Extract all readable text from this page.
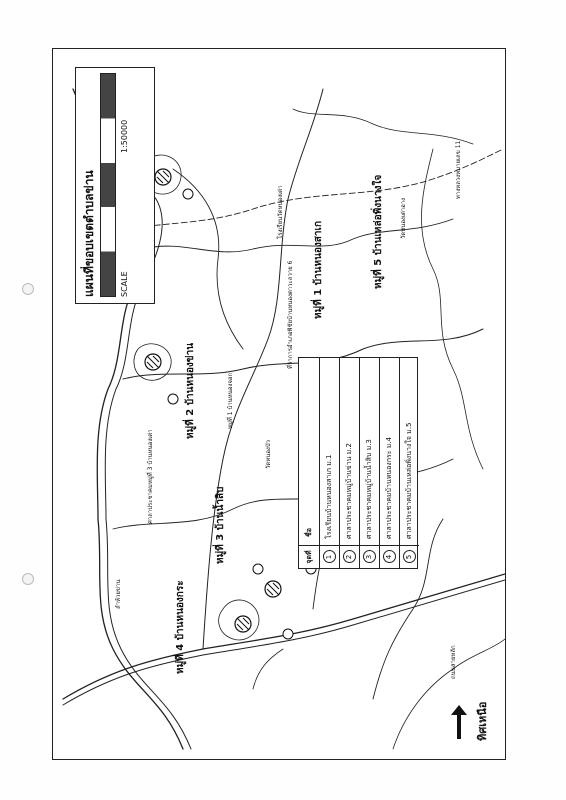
แผนที่ขอบเขตตำบลข่าน	SCALE
1:50000
หมู่ที่ 5 บ้านเหล่อพิ่งนางใจ
หมู่ที่ 1 บ้านหนองสาเก
หมู่ที่ 2 บ้านหนองข่าน
หมู่ที่ 3 บ้านน้ำสิบ
หมู่ที่ 4 บ้านหนองกระ
วัดหนองเต่าอาง
โรงเรียนวัดหนองเต่า
ที่ว่าการอำเภอพิชัยบ้านหนองตาวะลวาย 6
หมู่ที่ 1 บ้านหนองจอก
ศาลาประชาคมหมู่ที่ 3 บ้านหนองเต่า	วัดหนองบัว
ลำห้วยข่าน
ทางหลวงหมายเลข 11
ถนนสายหลัก
จุดที่
ชื่อ
1
โรงเรียนบ้านหนองสาเก ม.1
2
ศาลาประชาคมหมู่บ้านข่าน ม.2
3
ศาลาประชาคมหมู่บ้านน้ำสิบ ม.3
4
ศาลาประชาคมบ้านหนองกระ ม.4
5
ศาลาประชาคมบ้านเหล่อพิ่งนางใจ ม.5
ทิศเหนือ
